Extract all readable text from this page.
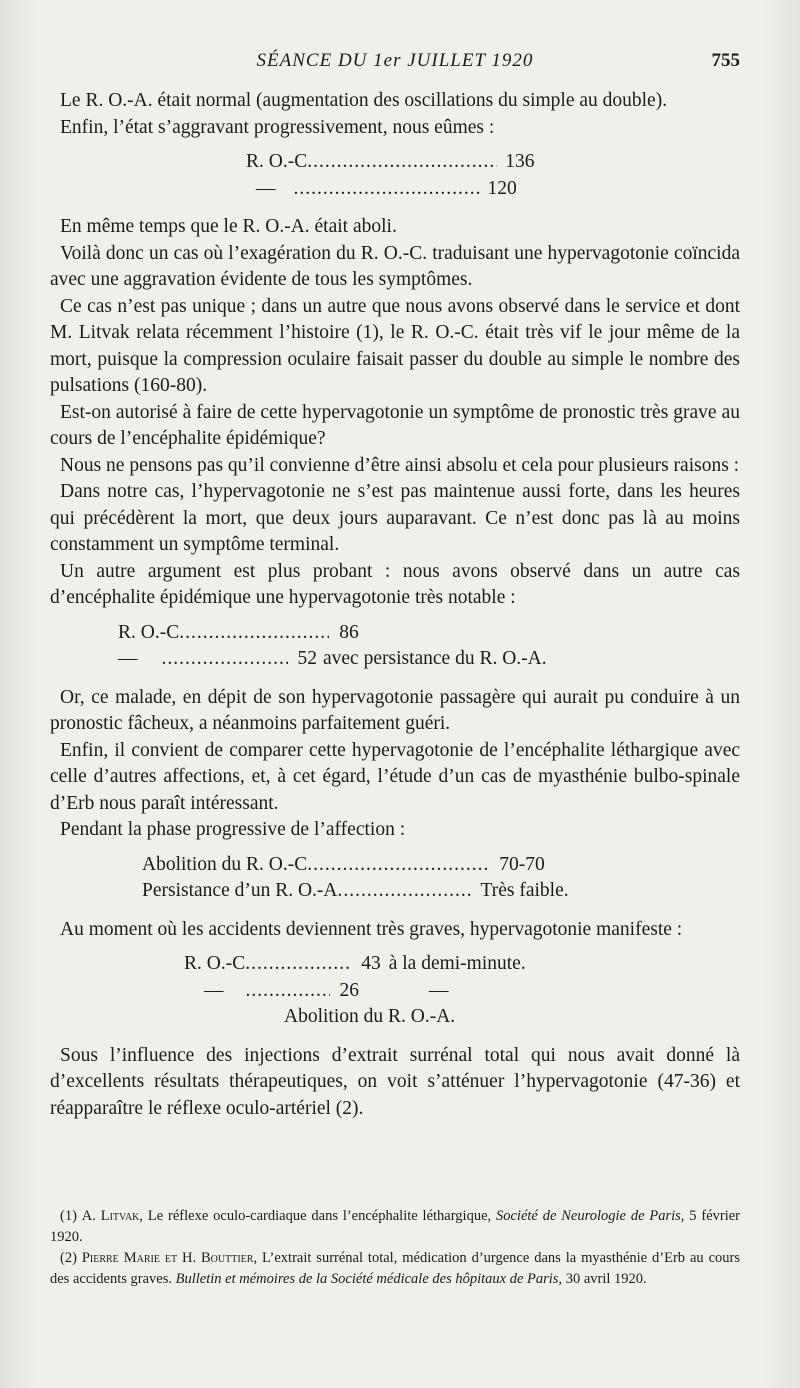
SÉANCE DU 1er JUILLET 1920	755

Le R. O.-A. était normal (augmentation des oscillations du simple au double).

Enfin, l’état s’aggravant progressivement, nous eûmes :

R. O.-C .....	136
— .....	120

En même temps que le R. O.-A. était aboli.

Voilà donc un cas où l’exagération du R. O.-C. traduisant une hypervagotonie coïncida avec une aggravation évidente de tous les symptômes.

Ce cas n’est pas unique ; dans un autre que nous avons observé dans le service et dont M. Litvak relata récemment l’histoire (1), le R. O.-C. était très vif le jour même de la mort, puisque la compression oculaire faisait passer du double au simple le nombre des pulsations (160-80).

Est-on autorisé à faire de cette hypervagotonie un symptôme de pronostic très grave au cours de l’encéphalite épidémique?

Nous ne pensons pas qu’il convienne d’être ainsi absolu et cela pour plusieurs raisons :

Dans notre cas, l’hypervagotonie ne s’est pas maintenue aussi forte, dans les heures qui précédèrent la mort, que deux jours auparavant. Ce n’est donc pas là au moins constamment un symptôme terminal.

Un autre argument est plus probant : nous avons observé dans un autre cas d’encéphalite épidémique une hypervagotonie très notable :

R. O.-C .....	86
— .....	52 avec persistance du R. O.-A.

Or, ce malade, en dépit de son hypervagotonie passagère qui aurait pu conduire à un pronostic fâcheux, a néanmoins parfaitement guéri.

Enfin, il convient de comparer cette hypervagotonie de l’encéphalite léthargique avec celle d’autres affections, et, à cet égard, l’étude d’un cas de myasthénie bulbo-spinale d’Erb nous paraît intéressant.

Pendant la phase progressive de l’affection :

Abolition du R. O.-C .....	70-70
Persistance d’un R. O.-A .....	Très faible.

Au moment où les accidents deviennent très graves, hypervagotonie manifeste :

R. O.-C .....	43 à la demi-minute.
— .....	26	—
Abolition du R. O.-A.

Sous l’influence des injections d’extrait surrénal total qui nous avait donné là d’excellents résultats thérapeutiques, on voit s’atténuer l’hypervagotonie (47-36) et réapparaître le réflexe oculo-artériel (2).

(1) A. Litvak, Le réflexe oculo-cardiaque dans l’encéphalite léthargique, Société de Neurologie de Paris, 5 février 1920.

(2) Pierre Marie et H. Bouttier, L’extrait surrénal total, médication d’urgence dans la myasthénie d’Erb au cours des accidents graves. Bulletin et mémoires de la Société médicale des hôpitaux de Paris, 30 avril 1920.
